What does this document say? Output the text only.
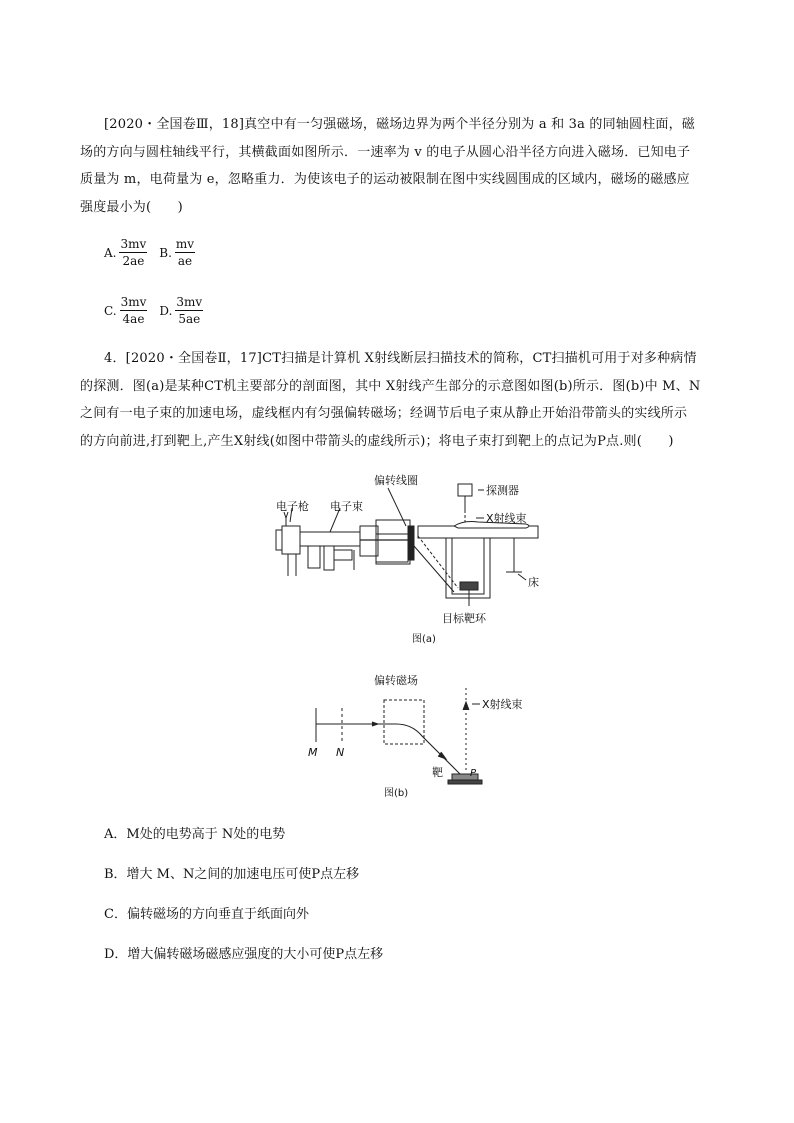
[2020・全国卷Ⅲ，18]真空中有一匀强磁场，磁场边界为两个半径分别为 a 和 3a 的同轴圆柱面，磁
场的方向与圆柱轴线平行，其横截面如图所示．一速率为 v 的电子从圆心沿半径方向进入磁场．已知电子
质量为 m，电荷量为 e，忽略重力．为使该电子的运动被限制在图中实线圆围成的区域内，磁场的磁感应
强度最小为(　　)
A. $\frac{3mv}{2ae} B$. $\frac{mv}{ae}$
C. $\frac{3mv}{4ae} D$. $\frac{3mv}{5ae}$
4．[2020・全国卷Ⅱ，17]CT扫描是计算机 X射线断层扫描技术的简称，CT扫描机可用于对多种病情
的探测．图(a)是某种CT机主要部分的剖面图，其中 X射线产生部分的示意图如图(b)所示．图(b)中 M、N
之间有一电子束的加速电场，虚线框内有匀强偏转磁场；经调节后电子束从静止开始沿带箭头的实线所示
的方向前进,打到靶上,产生X射线(如图中带箭头的虚线所示)；将电子束打到靶上的点记为P点.则(　　)
电子枪 电子束
偏转线圈
探测器
X射线束
床
目标靶环
图(a)
偏转磁场
X射线束
M N
P
靶
图(b)
A．M处的电势高于 N处的电势
B．增大 M、N之间的加速电压可使P点左移
C．偏转磁场的方向垂直于纸面向外
D．增大偏转磁场磁感应强度的大小可使P点左移
